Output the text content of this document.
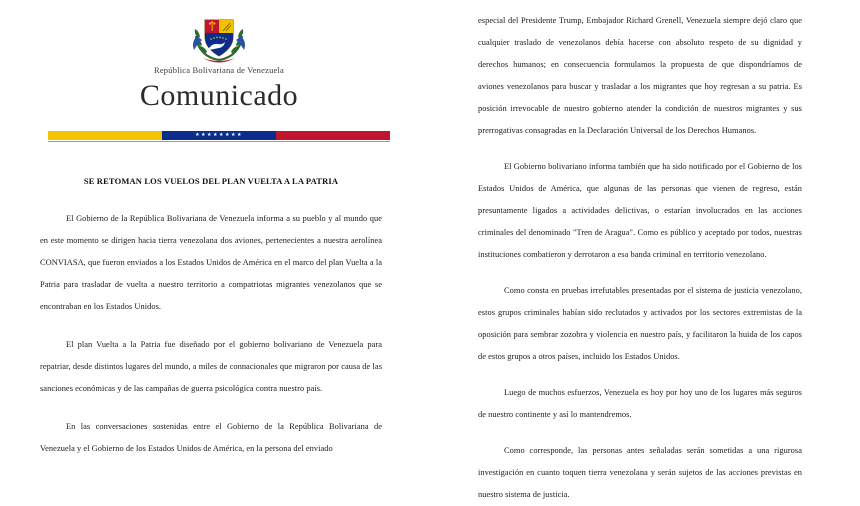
República Bolivariana de Venezuela
Comunicado
★★★★★★★★
SE RETOMAN LOS VUELOS DEL PLAN VUELTA A LA PATRIA

El Gobierno de la República Bolivariana de Venezuela informa a su pueblo y al mundo que en este momento se dirigen hacia tierra venezolana dos aviones, pertenecientes a nuestra aerolínea CONVIASA, que fueron enviados a los Estados Unidos de América en el marco del plan Vuelta a la Patria para trasladar de vuelta a nuestro territorio a compatriotas migrantes venezolanos que se encontraban en los Estados Unidos.

El plan Vuelta a la Patria fue diseñado por el gobierno bolivariano de Venezuela para repatriar, desde distintos lugares del mundo, a miles de connacionales que migraron por causa de las sanciones económicas y de las campañas de guerra psicológica contra nuestro país.

En las conversaciones sostenidas entre el Gobierno de la República Bolivariana de Venezuela y el Gobierno de los Estados Unidos de América, en la persona del enviado

especial del Presidente Trump, Embajador Richard Grenell, Venezuela siempre dejó claro que cualquier traslado de venezolanos debía hacerse con absoluto respeto de su dignidad y derechos humanos; en consecuencia formulamos la propuesta de que dispondríamos de aviones venezolanos para buscar y trasladar a los migrantes que hoy regresan a su patria. Es posición irrevocable de nuestro gobierno atender la condición de nuestros migrantes y sus prerrogativas consagradas en la Declaración Universal de los Derechos Humanos.

El Gobierno bolivariano informa también que ha sido notificado por el Gobierno de los Estados Unidos de América, que algunas de las personas que vienen de regreso, están presuntamente ligados a actividades delictivas, o estarían involucrados en las acciones criminales del denominado "Tren de Aragua". Como es público y aceptado por todos, nuestras instituciones combatieron y derrotaron a esa banda criminal en territorio venezolano.

Como consta en pruebas irrefutables presentadas por el sistema de justicia venezolano, estos grupos criminales habían sido reclutados y activados por los sectores extremistas de la oposición para sembrar zozobra y violencia en nuestro país, y facilitaron la huida de los capos de estos grupos a otros países, incluido los Estados Unidos.

Luego de muchos esfuerzos, Venezuela es hoy por hoy uno de los lugares más seguros de nuestro continente y así lo mantendremos.

Como corresponde, las personas antes señaladas serán sometidas a una rigurosa investigación en cuanto toquen tierra venezolana y serán sujetos de las acciones previstas en nuestro sistema de justicia.
